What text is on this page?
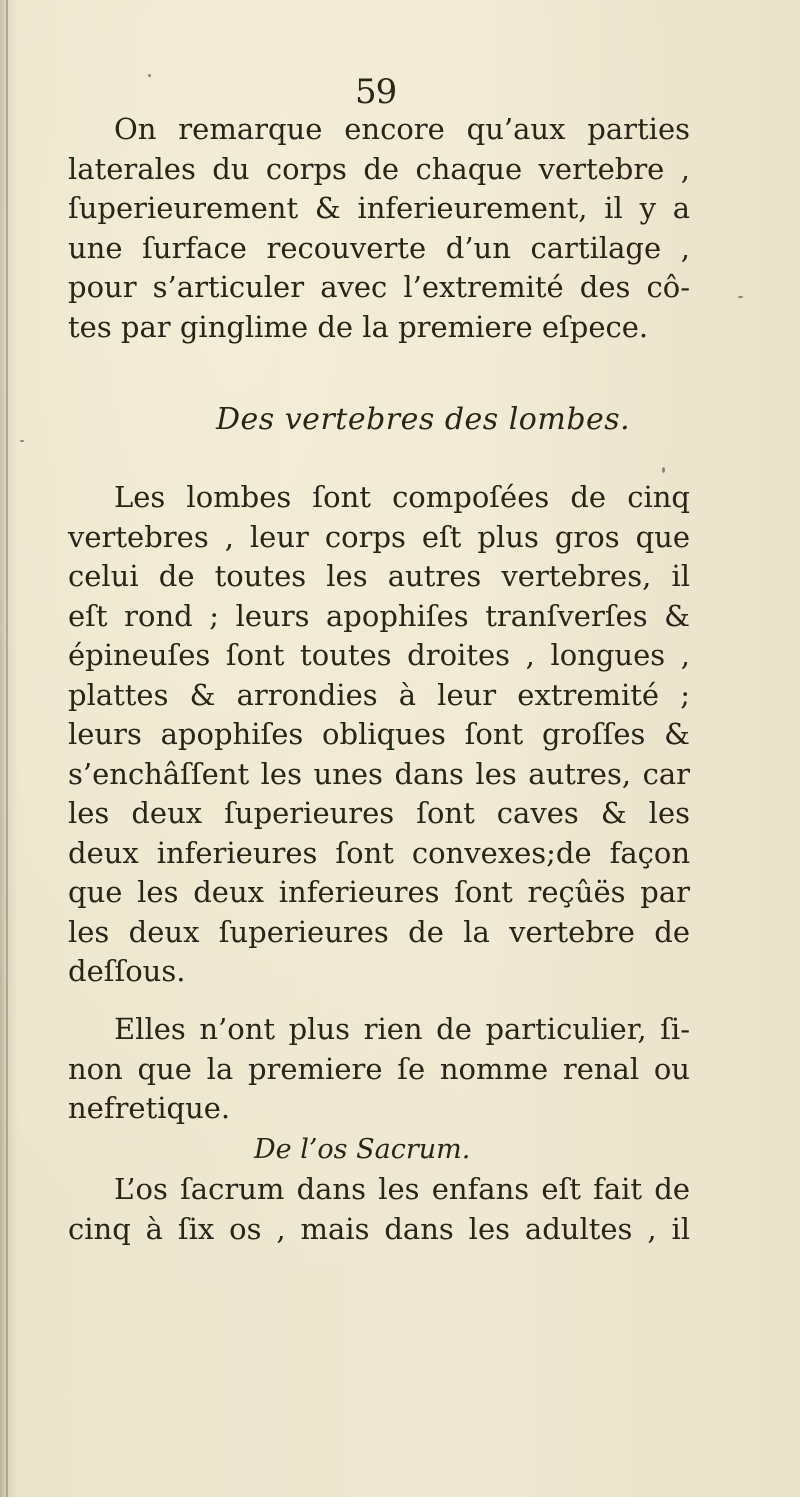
59
On remarque encore qu’aux parties
laterales du corps de chaque vertebre ,
ſuperieurement & inferieurement, il y a
une ſurface recouverte d’un cartilage ,
pour s’articuler avec l’extremité des cô-
tes par ginglime de la premiere eſpece.
Des vertebres des lombes.
Les lombes ſont compoſées de cinq
vertebres , leur corps eſt plus gros que
celui de toutes les autres vertebres, il
eſt rond ; leurs apophiſes tranſverſes &
épineuſes ſont toutes droites , longues ,
plattes & arrondies à leur extremité ;
leurs apophiſes obliques ſont groſſes &
s’enchâſſent les unes dans les autres, car
les deux ſuperieures ſont caves & les
deux inferieures ſont convexes;de façon
que les deux inferieures ſont reçûës par
les deux ſuperieures de la vertebre de
deſſous.
Elles n’ont plus rien de particulier, ſi-
non que la premiere ſe nomme renal ou
nefretique.
De l’os Sacrum.
L’os ſacrum dans les enfans eſt fait de
cinq à ſix os , mais dans les adultes , il
